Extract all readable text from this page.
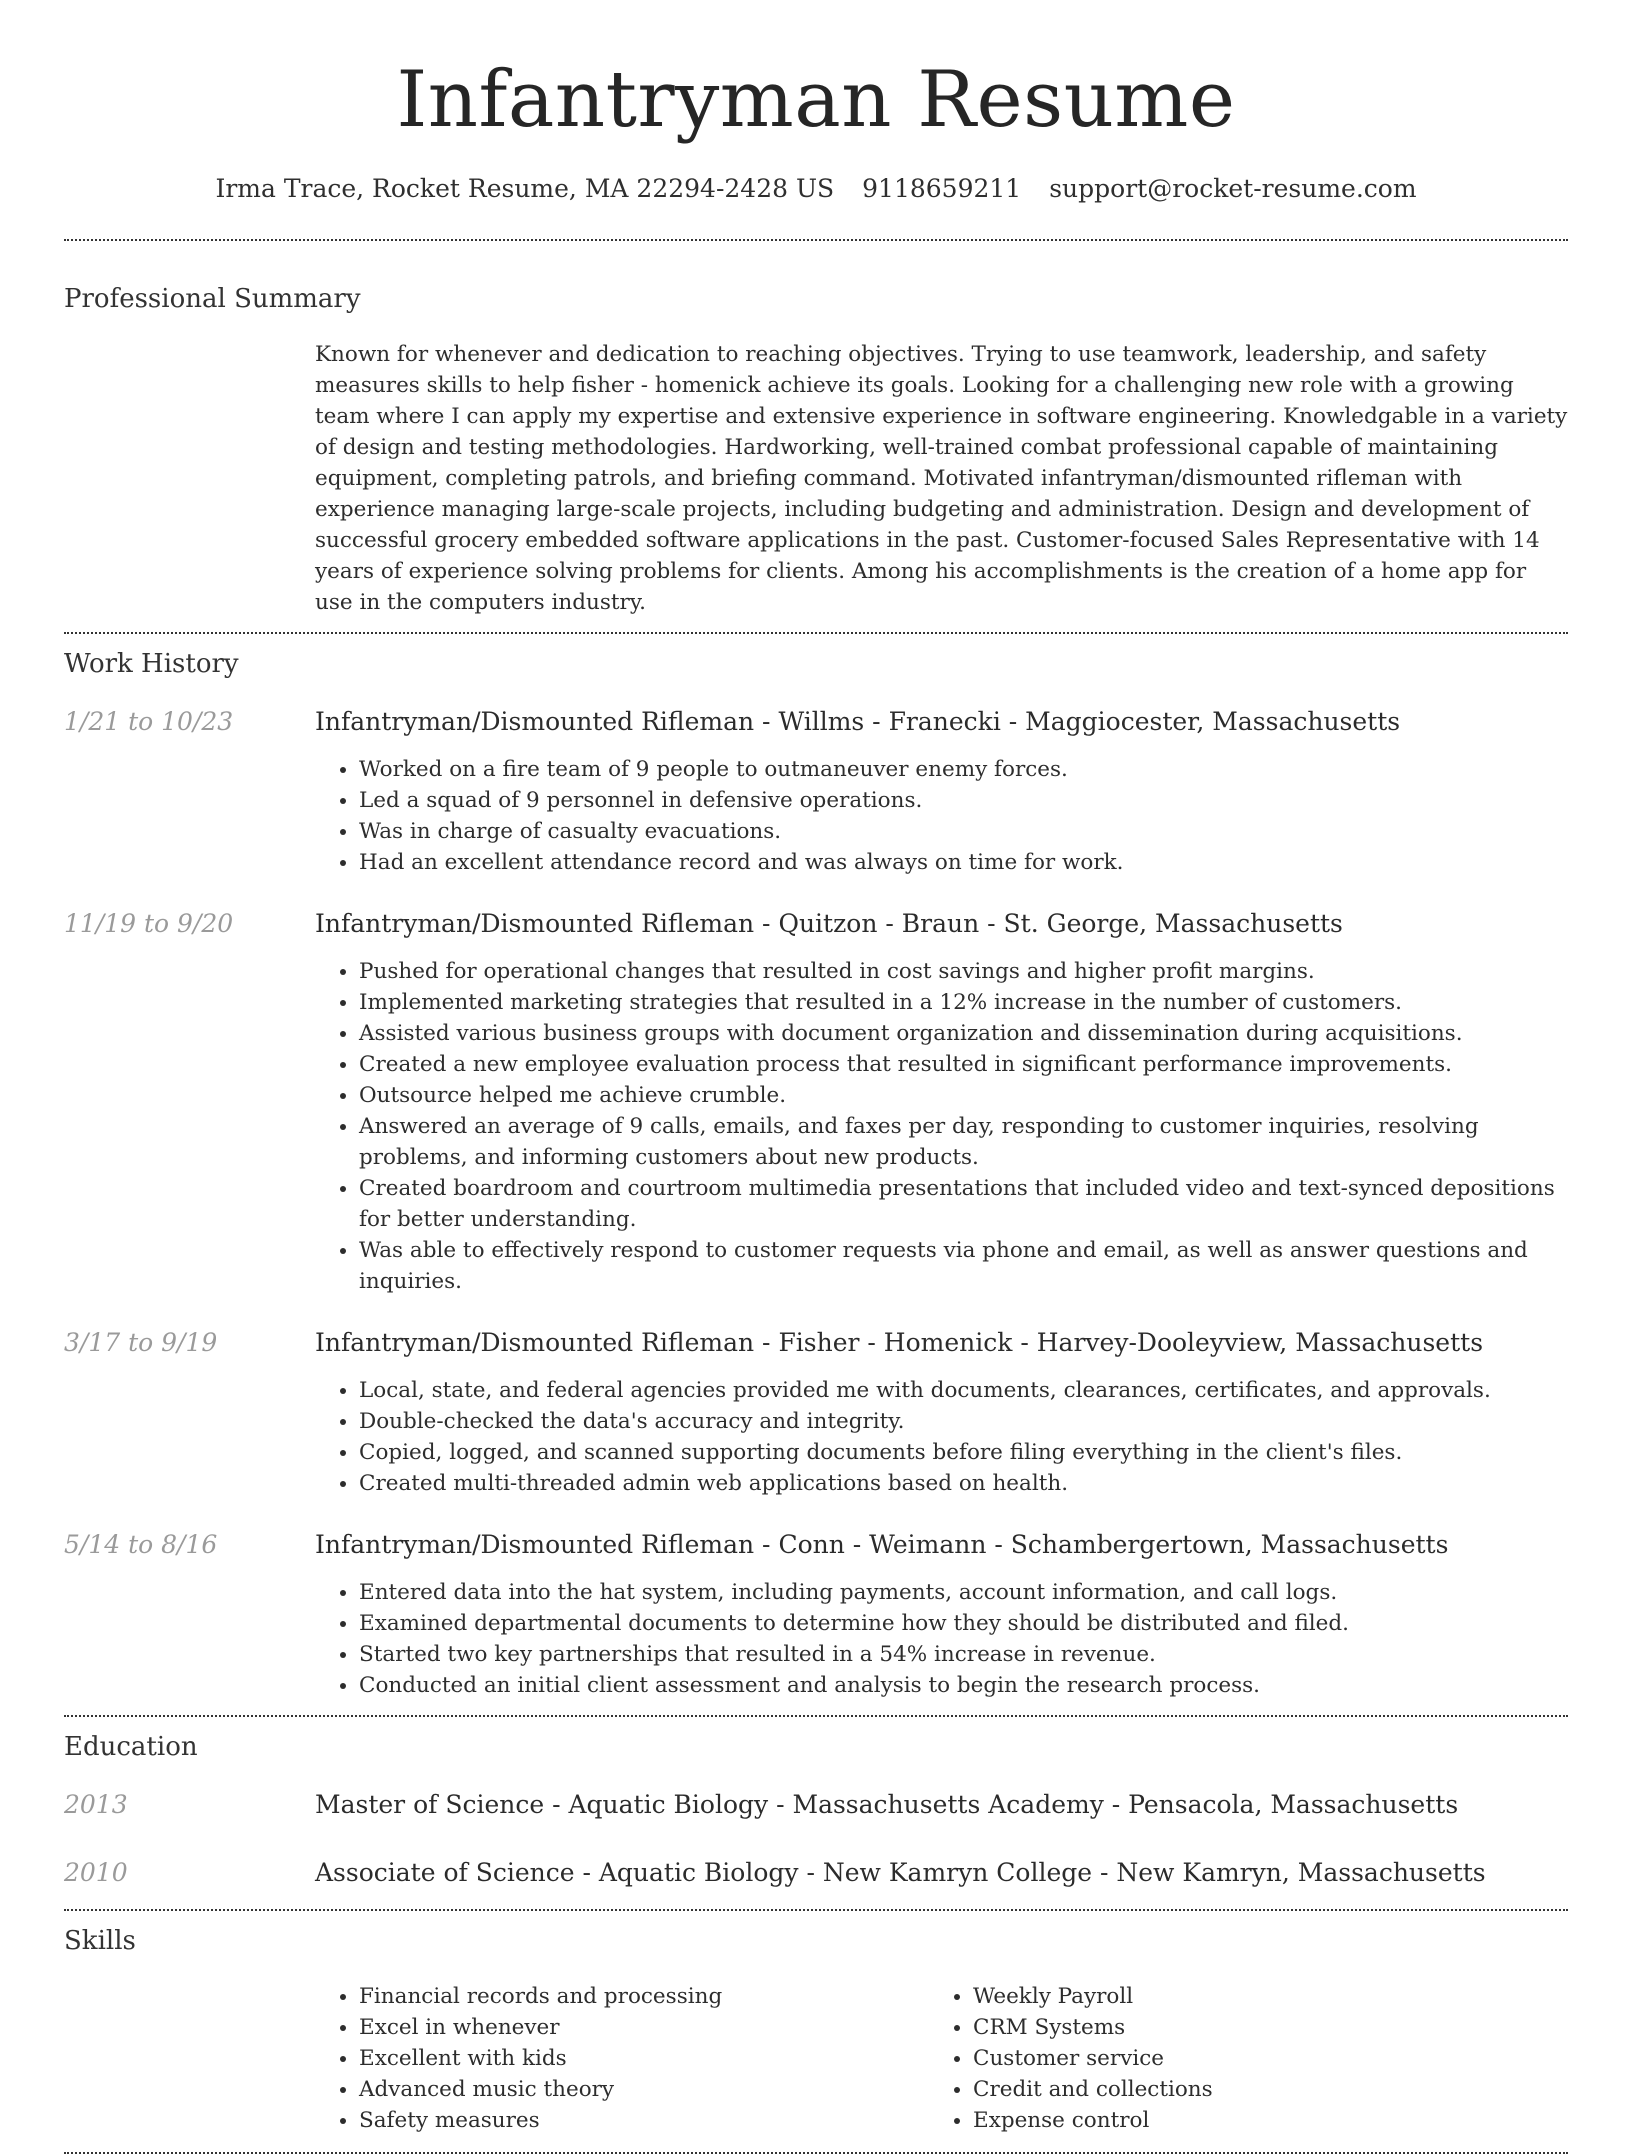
Infantryman Resume
Irma Trace, Rocket Resume, MA 22294-2428 US 9118659211 support@rocket-resume.com
Professional Summary
Known for whenever and dedication to reaching objectives. Trying to use teamwork, leadership, and safety measures skills to help fisher - homenick achieve its goals. Looking for a challenging new role with a growing team where I can apply my expertise and extensive experience in software engineering. Knowledgable in a variety of design and testing methodologies. Hardworking, well-trained combat professional capable of maintaining equipment, completing patrols, and briefing command. Motivated infantryman/dismounted rifleman with experience managing large-scale projects, including budgeting and administration. Design and development of successful grocery embedded software applications in the past. Customer-focused Sales Representative with 14 years of experience solving problems for clients. Among his accomplishments is the creation of a home app for use in the computers industry.
Work History
1/21 to 10/23	Infantryman/Dismounted Rifleman - Willms - Franecki - Maggiocester, Massachusetts
• Worked on a fire team of 9 people to outmaneuver enemy forces.
• Led a squad of 9 personnel in defensive operations.
• Was in charge of casualty evacuations.
• Had an excellent attendance record and was always on time for work.
11/19 to 9/20	Infantryman/Dismounted Rifleman - Quitzon - Braun - St. George, Massachusetts
• Pushed for operational changes that resulted in cost savings and higher profit margins.
• Implemented marketing strategies that resulted in a 12% increase in the number of customers.
• Assisted various business groups with document organization and dissemination during acquisitions.
• Created a new employee evaluation process that resulted in significant performance improvements.
• Outsource helped me achieve crumble.
• Answered an average of 9 calls, emails, and faxes per day, responding to customer inquiries, resolving problems, and informing customers about new products.
• Created boardroom and courtroom multimedia presentations that included video and text-synced depositions for better understanding.
• Was able to effectively respond to customer requests via phone and email, as well as answer questions and inquiries.
3/17 to 9/19	Infantryman/Dismounted Rifleman - Fisher - Homenick - Harvey-Dooleyview, Massachusetts
• Local, state, and federal agencies provided me with documents, clearances, certificates, and approvals.
• Double-checked the data's accuracy and integrity.
• Copied, logged, and scanned supporting documents before filing everything in the client's files.
• Created multi-threaded admin web applications based on health.
5/14 to 8/16	Infantryman/Dismounted Rifleman - Conn - Weimann - Schambergertown, Massachusetts
• Entered data into the hat system, including payments, account information, and call logs.
• Examined departmental documents to determine how they should be distributed and filed.
• Started two key partnerships that resulted in a 54% increase in revenue.
• Conducted an initial client assessment and analysis to begin the research process.
Education
2013	Master of Science - Aquatic Biology - Massachusetts Academy - Pensacola, Massachusetts
2010	Associate of Science - Aquatic Biology - New Kamryn College - New Kamryn, Massachusetts
Skills
• Financial records and processing
• Excel in whenever
• Excellent with kids
• Advanced music theory
• Safety measures
• Weekly Payroll
• CRM Systems
• Customer service
• Credit and collections
• Expense control
